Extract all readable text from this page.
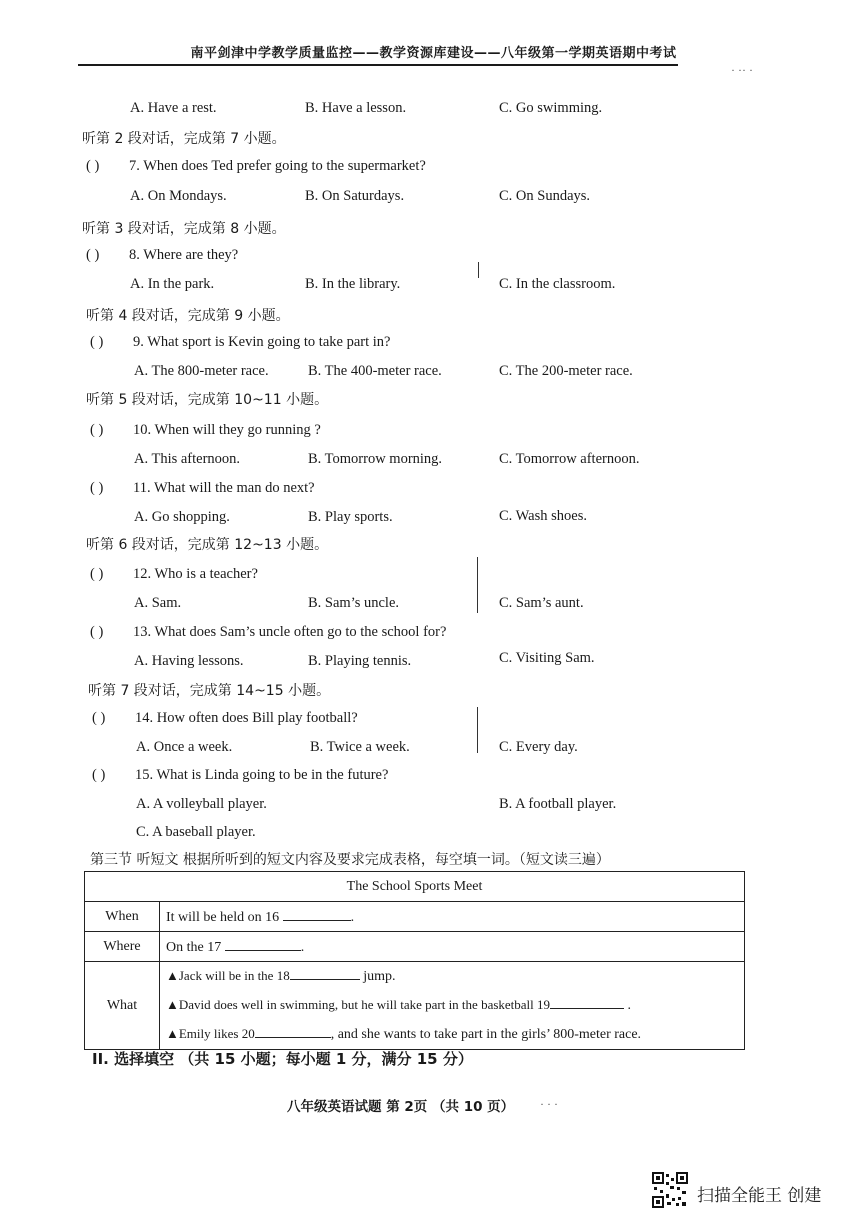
南平剑津中学教学质量监控——教学资源库建设——八年级第一学期英语期中考试
· ·· ·
A. Have a rest.	B. Have a lesson.	C. Go swimming.
听第 2 段对话，完成第 7 小题。
( ) 7. When does Ted prefer going to the supermarket?
A. On Mondays.	B. On Saturdays.	C. On Sundays.
听第 3 段对话，完成第 8 小题。
( ) 8. Where are they?
A. In the park.	B. In the library.	C. In the classroom.
听第 4 段对话，完成第 9 小题。
( ) 9. What sport is Kevin going to take part in?
A. The 800-meter race.	B. The 400-meter race.	C. The 200-meter race.
听第 5 段对话，完成第 10~11 小题。
( ) 10. When will they go running ?
A. This afternoon.	B. Tomorrow morning.	C. Tomorrow afternoon.
( ) 11. What will the man do next?
A. Go shopping.	B. Play sports.	C. Wash shoes.
听第 6 段对话，完成第 12~13 小题。
( ) 12. Who is a teacher?
A. Sam.	B. Sam’s uncle.	C. Sam’s aunt.
( ) 13. What does Sam’s uncle often go to the school for?
A. Having lessons.	B. Playing tennis.	C. Visiting Sam.
听第 7 段对话，完成第 14~15 小题。
( ) 14. How often does Bill play football?
A. Once a week.	B. Twice a week.	C. Every day.
( ) 15. What is Linda going to be in the future?
A. A volleyball player.	B. A football player.
C. A baseball player.
第三节 听短文 根据所听到的短文内容及要求完成表格，每空填一词。（短文读三遍）
The School Sports Meet	
When	It will be held on 16 .
Where	On the 17 .
What	▲Jack will be in the 18 jump.
▲David does well in swimming, but he will take part in the basketball 19 .
▲Emily likes 20 , and she wants to take part in the girls’ 800-meter race.
II. 选择填空 （共 15 小题；每小题 1 分，满分 15 分）
八年级英语试题 第 2页 （共 10 页） · · ·
扫描全能王 创建
